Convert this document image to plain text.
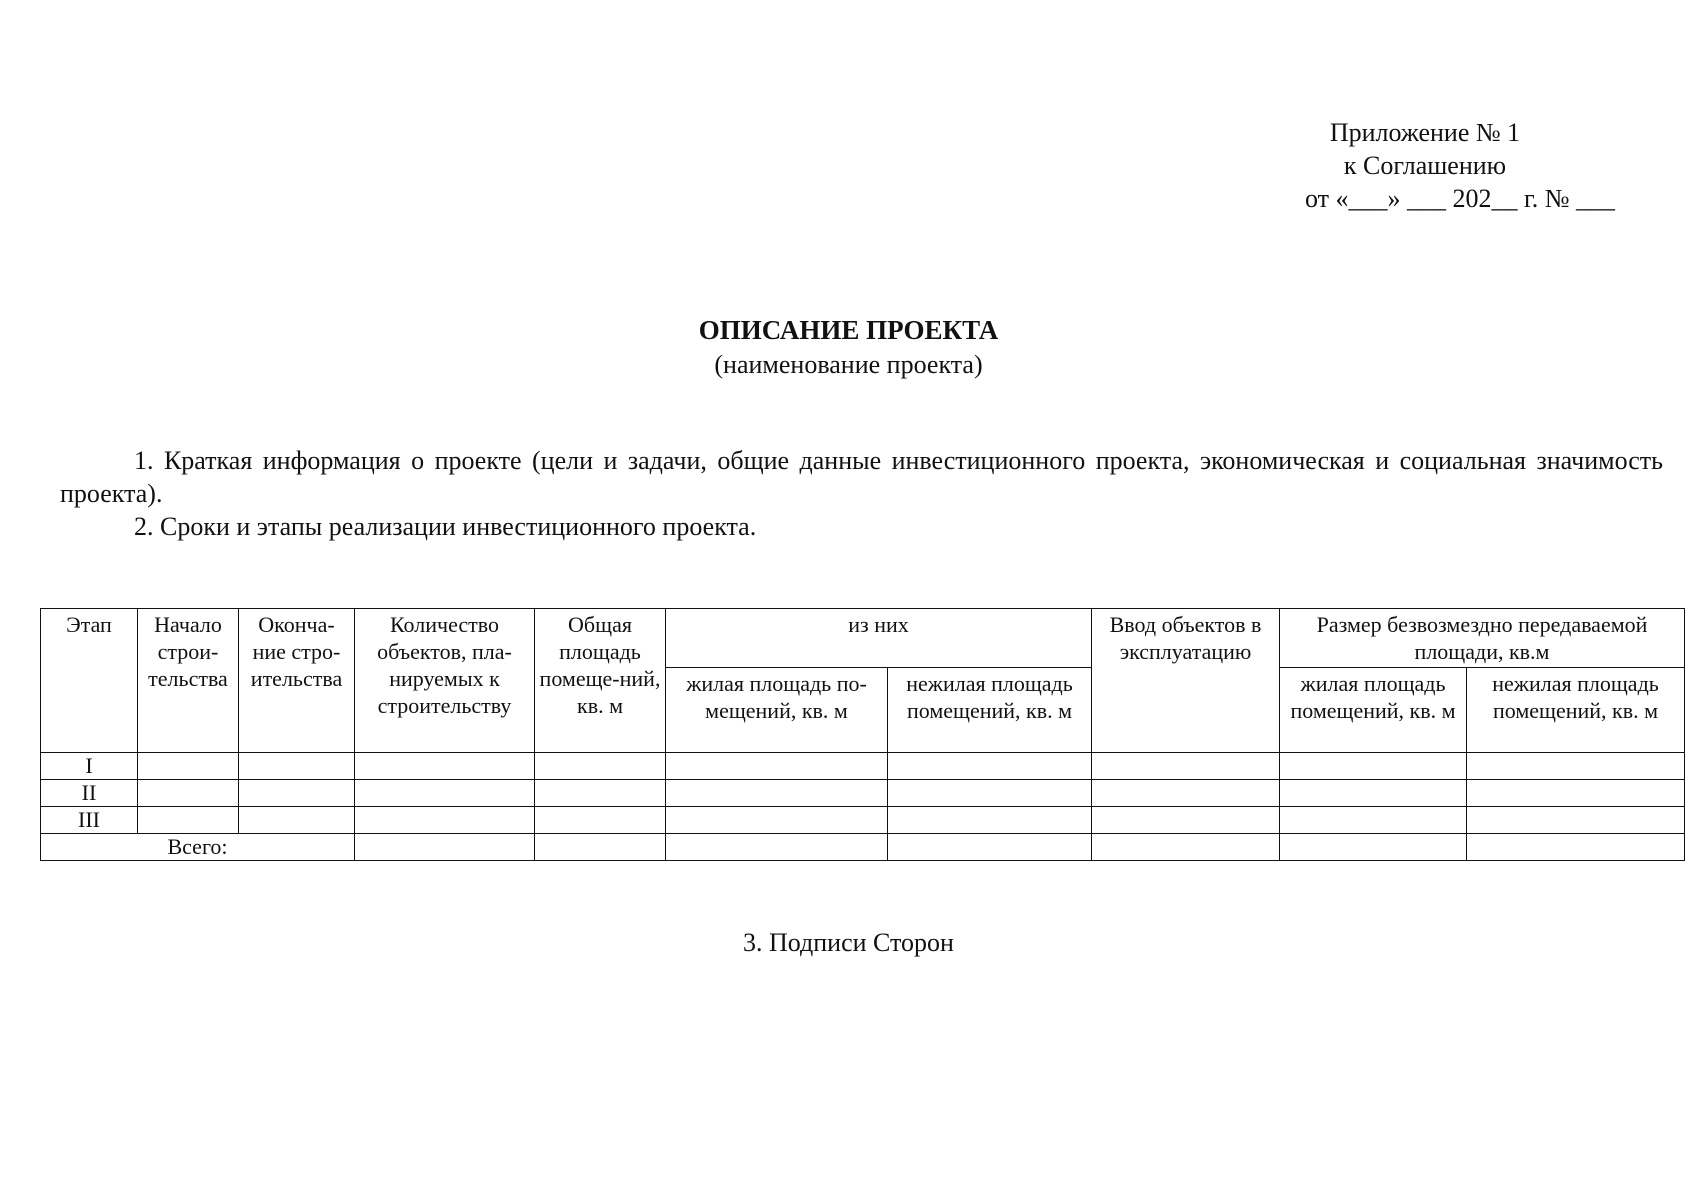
Приложение № 1
к Соглашению
от «___» ___ 202__ г. № ___
ОПИСАНИЕ ПРОЕКТА
(наименование проекта)

1. Краткая информация о проекте (цели и задачи, общие данные инвестиционного проекта, экономическая и социальная значимость проекта).

2. Сроки и этапы реализации инвестиционного проекта.

Этап	Начало строи-тельства	Оконча-ние стро-ительства	Количество объектов, пла-нируемых к строительству	Общая площадь помеще-ний, кв. м	из них		Ввод объектов в эксплуатацию	Размер безвозмездно передаваемой площади, кв.м	
					жилая площадь по-мещений, кв. м	нежилая площадь помещений, кв. м		жилая площадь помещений, кв. м	нежилая площадь помещений, кв. м
I									
II									
III									
Всего:									
3. Подписи Сторон
